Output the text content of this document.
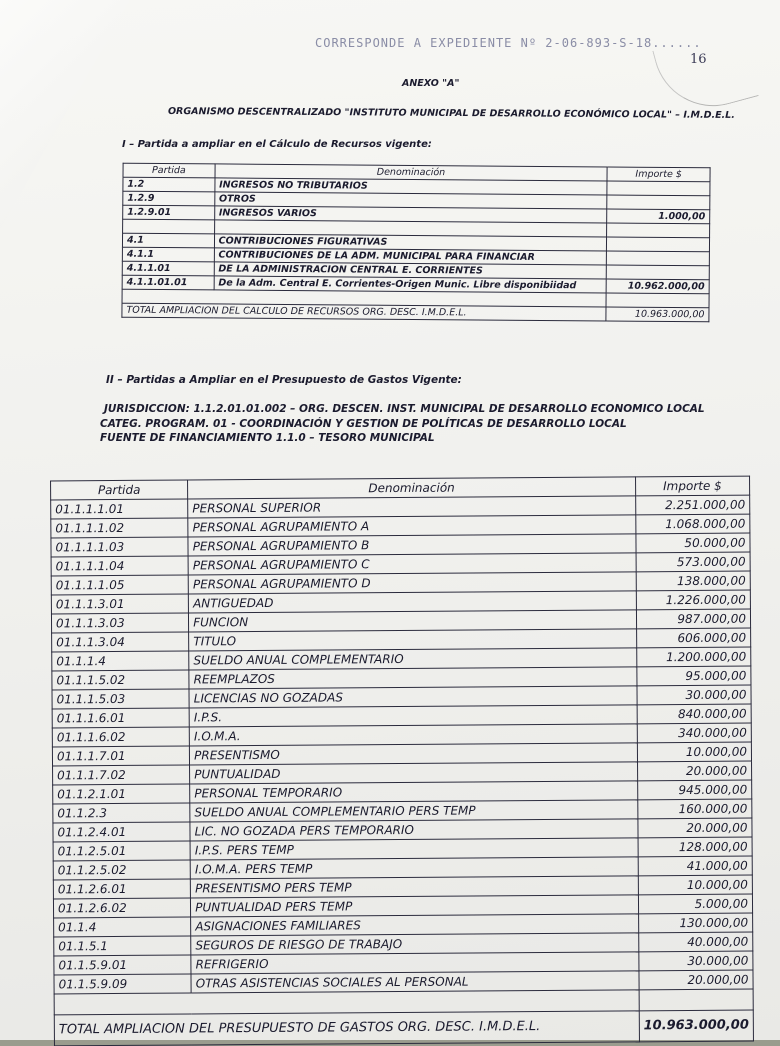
CORRESPONDE A EXPEDIENTE Nº 2-06-893-S-18......
16
ANEXO "A"
ORGANISMO DESCENTRALIZADO "INSTITUTO MUNICIPAL DE DESARROLLO ECONÓMICO LOCAL" – I.M.D.E.L.
I – Partida a ampliar en el Cálculo de Recursos vigente:
Partida	Denominación	Importe $
1.2	INGRESOS NO TRIBUTARIOS	
1.2.9	OTROS	
1.2.9.01	INGRESOS VARIOS	1.000,00

4.1	CONTRIBUCIONES FIGURATIVAS	
4.1.1	CONTRIBUCIONES DE LA ADM. MUNICIPAL PARA FINANCIAR	
4.1.1.01	DE LA ADMINISTRACION CENTRAL E. CORRIENTES	
4.1.1.01.01	De la Adm. Central E. Corrientes-Origen Munic. Libre disponibiidad	10.962.000,00

TOTAL AMPLIACION DEL CALCULO DE RECURSOS ORG. DESC. I.M.D.E.L.		10.963.000,00
II – Partidas a Ampliar en el Presupuesto de Gastos Vigente:
JURISDICCION: 1.1.2.01.01.002 – ORG. DESCEN. INST. MUNICIPAL DE DESARROLLO ECONOMICO LOCAL
CATEG. PROGRAM. 01 - COORDINACIÓN Y GESTION DE POLÍTICAS DE DESARROLLO LOCAL
FUENTE DE FINANCIAMIENTO 1.1.0 – TESORO MUNICIPAL
Partida	Denominación	Importe $
01.1.1.1.01	PERSONAL SUPERIOR	2.251.000,00
01.1.1.1.02	PERSONAL AGRUPAMIENTO A	1.068.000,00
01.1.1.1.03	PERSONAL AGRUPAMIENTO B	50.000,00
01.1.1.1.04	PERSONAL AGRUPAMIENTO C	573.000,00
01.1.1.1.05	PERSONAL AGRUPAMIENTO D	138.000,00
01.1.1.3.01	ANTIGUEDAD	1.226.000,00
01.1.1.3.03	FUNCION	987.000,00
01.1.1.3.04	TITULO	606.000,00
01.1.1.4	SUELDO ANUAL COMPLEMENTARIO	1.200.000,00
01.1.1.5.02	REEMPLAZOS	95.000,00
01.1.1.5.03	LICENCIAS NO GOZADAS	30.000,00
01.1.1.6.01	I.P.S.	840.000,00
01.1.1.6.02	I.O.M.A.	340.000,00
01.1.1.7.01	PRESENTISMO	10.000,00
01.1.1.7.02	PUNTUALIDAD	20.000,00
01.1.2.1.01	PERSONAL TEMPORARIO	945.000,00
01.1.2.3	SUELDO ANUAL COMPLEMENTARIO PERS TEMP	160.000,00
01.1.2.4.01	LIC. NO GOZADA PERS TEMPORARIO	20.000,00
01.1.2.5.01	I.P.S. PERS TEMP	128.000,00
01.1.2.5.02	I.O.M.A. PERS TEMP	41.000,00
01.1.2.6.01	PRESENTISMO PERS TEMP	10.000,00
01.1.2.6.02	PUNTUALIDAD PERS TEMP	5.000,00
01.1.4	ASIGNACIONES FAMILIARES	130.000,00
01.1.5.1	SEGUROS DE RIESGO DE TRABAJO	40.000,00
01.1.5.9.01	REFRIGERIO	30.000,00
01.1.5.9.09	OTRAS ASISTENCIAS SOCIALES AL PERSONAL	20.000,00

TOTAL AMPLIACION DEL PRESUPUESTO DE GASTOS ORG. DESC. I.M.D.E.L.		10.963.000,00
